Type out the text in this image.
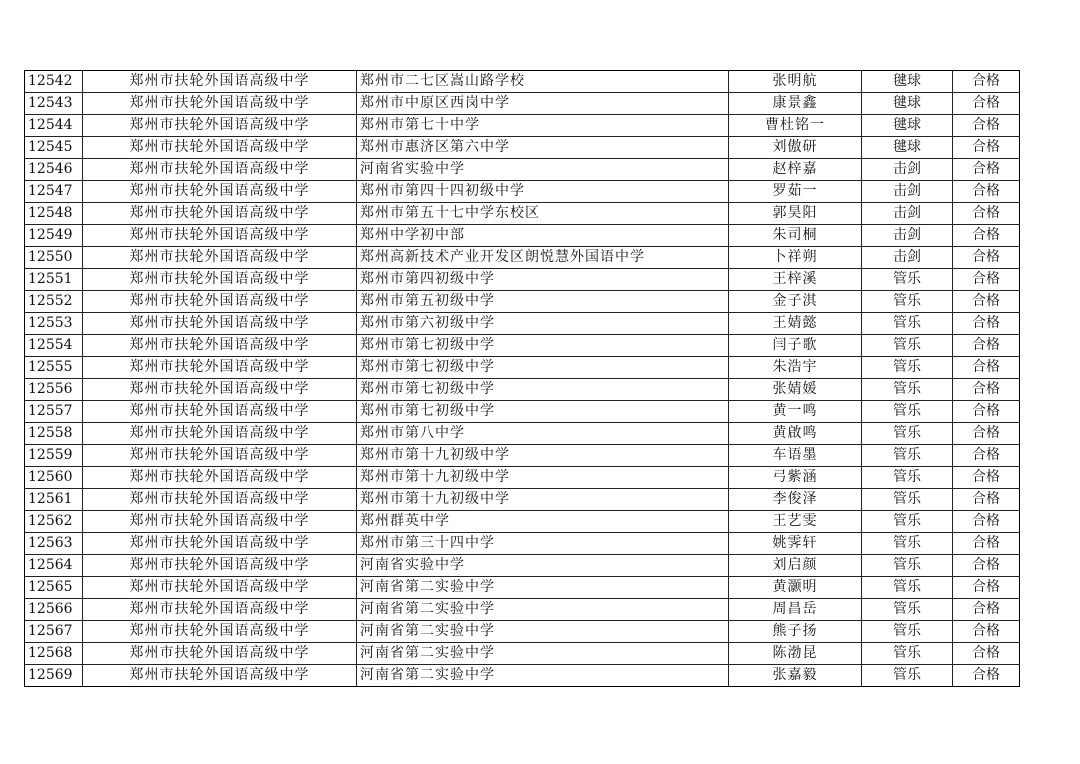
12542	郑州市扶轮外国语高级中学	郑州市二七区嵩山路学校	张明航	毽球	合格
12543	郑州市扶轮外国语高级中学	郑州市中原区西岗中学	康景鑫	毽球	合格
12544	郑州市扶轮外国语高级中学	郑州市第七十中学	曹杜铭一	毽球	合格
12545	郑州市扶轮外国语高级中学	郑州市惠济区第六中学	刘傲研	毽球	合格
12546	郑州市扶轮外国语高级中学	河南省实验中学	赵梓嘉	击剑	合格
12547	郑州市扶轮外国语高级中学	郑州市第四十四初级中学	罗茹一	击剑	合格
12548	郑州市扶轮外国语高级中学	郑州市第五十七中学东校区	郭昊阳	击剑	合格
12549	郑州市扶轮外国语高级中学	郑州中学初中部	朱司桐	击剑	合格
12550	郑州市扶轮外国语高级中学	郑州高新技术产业开发区朗悦慧外国语中学	卜祥朔	击剑	合格
12551	郑州市扶轮外国语高级中学	郑州市第四初级中学	王梓溪	管乐	合格
12552	郑州市扶轮外国语高级中学	郑州市第五初级中学	金子淇	管乐	合格
12553	郑州市扶轮外国语高级中学	郑州市第六初级中学	王婧懿	管乐	合格
12554	郑州市扶轮外国语高级中学	郑州市第七初级中学	闫子歌	管乐	合格
12555	郑州市扶轮外国语高级中学	郑州市第七初级中学	朱浩宇	管乐	合格
12556	郑州市扶轮外国语高级中学	郑州市第七初级中学	张婧媛	管乐	合格
12557	郑州市扶轮外国语高级中学	郑州市第七初级中学	黄一鸣	管乐	合格
12558	郑州市扶轮外国语高级中学	郑州市第八中学	黄啟鸣	管乐	合格
12559	郑州市扶轮外国语高级中学	郑州市第十九初级中学	车语墨	管乐	合格
12560	郑州市扶轮外国语高级中学	郑州市第十九初级中学	弓紫涵	管乐	合格
12561	郑州市扶轮外国语高级中学	郑州市第十九初级中学	李俊泽	管乐	合格
12562	郑州市扶轮外国语高级中学	郑州群英中学	王艺雯	管乐	合格
12563	郑州市扶轮外国语高级中学	郑州市第三十四中学	姚霁轩	管乐	合格
12564	郑州市扶轮外国语高级中学	河南省实验中学	刘启颜	管乐	合格
12565	郑州市扶轮外国语高级中学	河南省第二实验中学	黄灏明	管乐	合格
12566	郑州市扶轮外国语高级中学	河南省第二实验中学	周昌岳	管乐	合格
12567	郑州市扶轮外国语高级中学	河南省第二实验中学	熊子扬	管乐	合格
12568	郑州市扶轮外国语高级中学	河南省第二实验中学	陈渤昆	管乐	合格
12569	郑州市扶轮外国语高级中学	河南省第二实验中学	张嘉毅	管乐	合格
